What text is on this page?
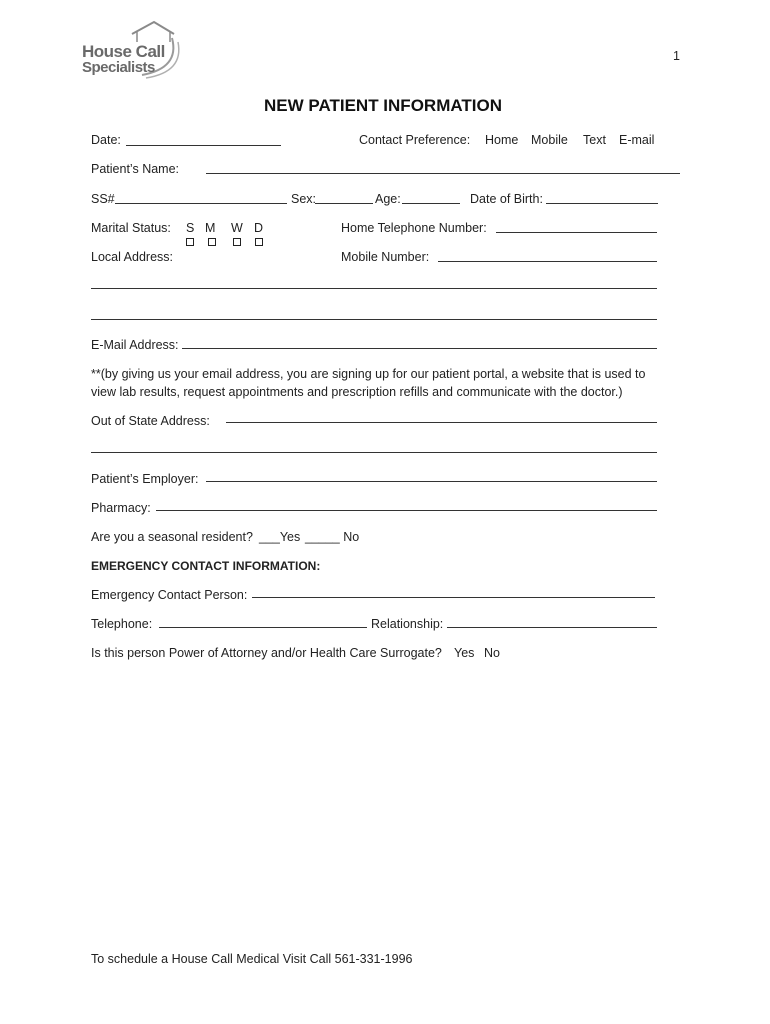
House Call
Specialists
1
NEW PATIENT INFORMATION
Date:	Contact Preference: Home Mobile Text E-mail
Patient’s Name:
SS#	Sex:	Age:	Date of Birth:
Marital Status: S M W D	Home Telephone Number:
Local Address:	Mobile Number:
E-Mail Address:
**(by giving us your email address, you are signing up for our patient portal, a website that is used to
view lab results, request appointments and prescription refills and communicate with the doctor.)
Out of State Address:
Patient’s Employer:
Pharmacy:
Are you a seasonal resident? ___Yes _____ No
EMERGENCY CONTACT INFORMATION:
Emergency Contact Person:
Telephone:	Relationship:
Is this person Power of Attorney and/or Health Care Surrogate? Yes No
To schedule a House Call Medical Visit Call 561-331-1996
